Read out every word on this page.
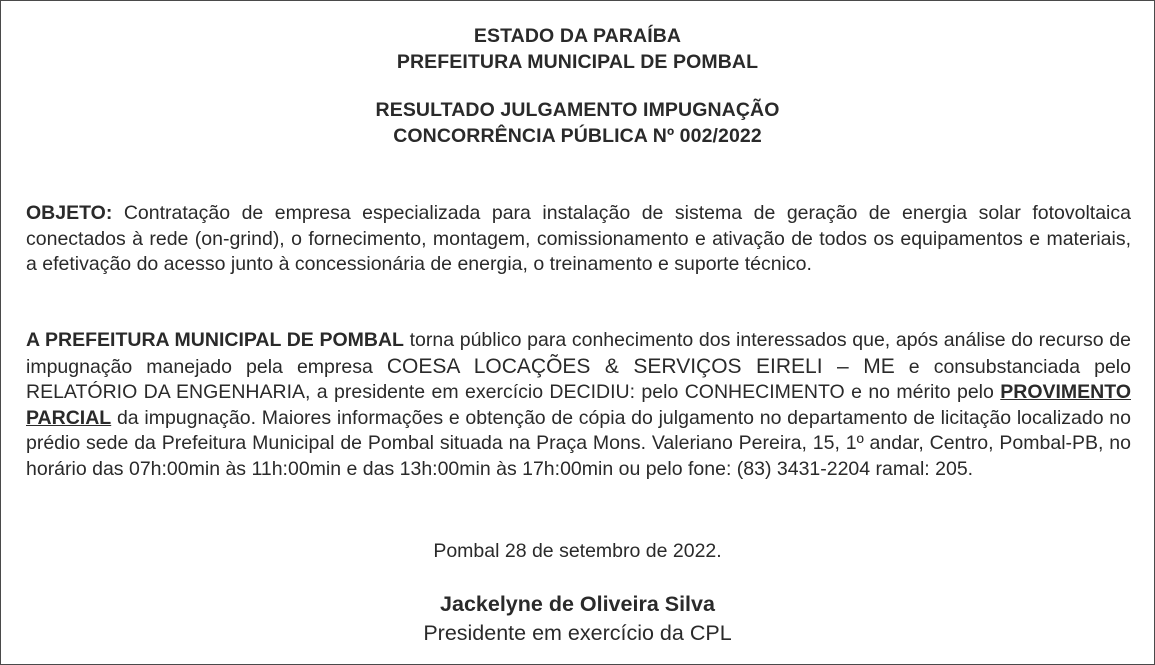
ESTADO DA PARAÍBA
PREFEITURA MUNICIPAL DE POMBAL
RESULTADO JULGAMENTO IMPUGNAÇÃO
CONCORRÊNCIA PÚBLICA Nº 002/2022
OBJETO: Contratação de empresa especializada para instalação de sistema de geração de energia solar fotovoltaica conectados à rede (on-grind), o fornecimento, montagem, comissionamento e ativação de todos os equipamentos e materiais, a efetivação do acesso junto à concessionária de energia, o treinamento e suporte técnico.
A PREFEITURA MUNICIPAL DE POMBAL torna público para conhecimento dos interessados que, após análise do recurso de impugnação manejado pela empresa COESA LOCAÇÕES & SERVIÇOS EIRELI – ME e consubstanciada pelo RELATÓRIO DA ENGENHARIA, a presidente em exercício DECIDIU: pelo CONHECIMENTO e no mérito pelo PROVIMENTO PARCIAL da impugnação. Maiores informações e obtenção de cópia do julgamento no departamento de licitação localizado no prédio sede da Prefeitura Municipal de Pombal situada na Praça Mons. Valeriano Pereira, 15, 1º andar, Centro, Pombal-PB, no horário das 07h:00min às 11h:00min e das 13h:00min às 17h:00min ou pelo fone: (83) 3431-2204 ramal: 205.
Pombal 28 de setembro de 2022.
Jackelyne de Oliveira Silva
Presidente em exercício da CPL
